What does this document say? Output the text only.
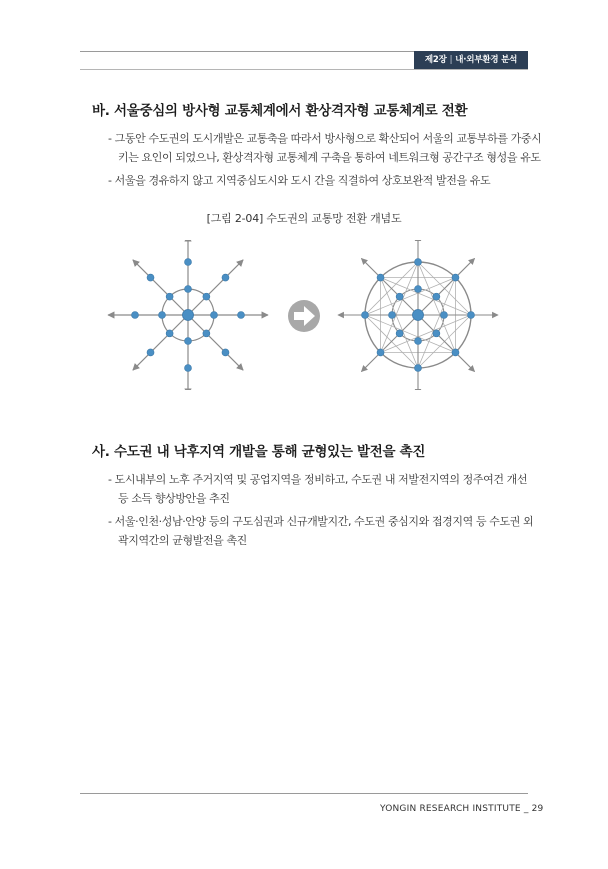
제2장 | 내·외부환경 분석
바. 서울중심의 방사형 교통체계에서 환상격자형 교통체계로 전환
- 그동안 수도권의 도시개발은 교통축을 따라서 방사형으로 확산되어 서울의 교통부하를 가중시
키는 요인이 되었으나, 환상격자형 교통체계 구축을 통하여 네트워크형 공간구조 형성을 유도
- 서울을 경유하지 않고 지역중심도시와 도시 간을 직결하여 상호보완적 발전을 유도
[그림 2-04] 수도권의 교통망 전환 개념도
사. 수도권 내 낙후지역 개발을 통해 균형있는 발전을 촉진
- 도시내부의 노후 주거지역 및 공업지역을 정비하고, 수도권 내 저발전지역의 정주여건 개선
등 소득 향상방안을 추진
- 서울·인천·성남·안양 등의 구도심권과 신규개발지간, 수도권 중심지와 접경지역 등 수도권 외
곽지역간의 균형발전을 촉진
YONGIN RESEARCH INSTITUTE _ 29
